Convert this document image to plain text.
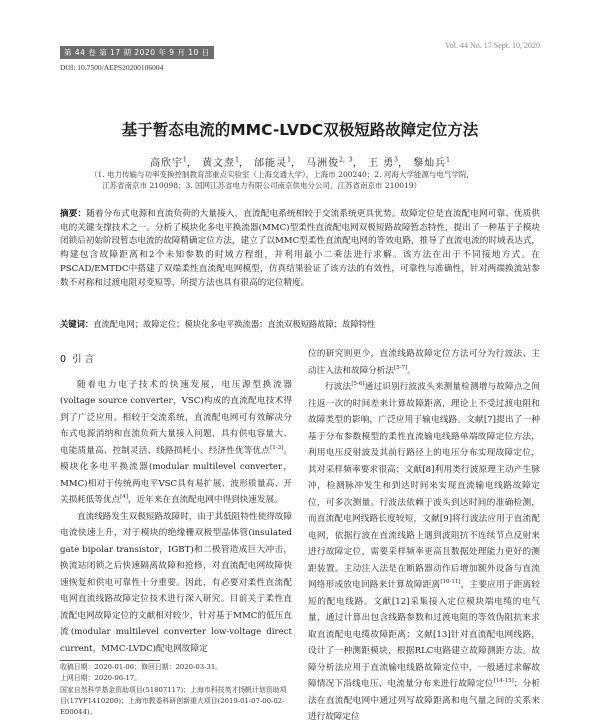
第 44 卷 第 17 期 2020 年 9 月 10 日
DOI: 10.7500/AEPS20200106004
Vol. 44 No. 17 Sept. 10, 2020
基于暂态电流的MMC-LVDC双极短路故障定位方法
高欣宇$^1$， 黄文焘$^1$， 邰能灵$^1$， 马洲俊$^{2,3}$， 王 勇$^3$， 黎灿兵$^1$
（1. 电力传输与功率变换控制教育部重点实验室（上海交通大学），上海市 200240；2. 河海大学能源与电气学院，
江苏省南京市 210098；3. 国网江苏省电力有限公司南京供电分公司，江苏省南京市 210019）
摘要：随着分布式电源和直流负荷的大量接入，直流配电系统相较于交流系统更具优势。故障定位是直流配电网可靠、优质供电的关键支撑技术之一。分析了模块化多电平换流器(MMC)型柔性直流配电网双极短路故障暂态特性，提出了一种基于子模块闭锁后初始阶段暂态电流的故障精确定位方法，建立了以MMC型柔性直流配电网的等效电路，推导了直流电流的时域表达式，构建包含故障距离和2个未知参数的时域方程组，并利用最小二乘法进行求解。该方法在出于不同接地方式。在PSCAD/EMTDC中搭建了双端柔性直流配电网模型，仿真结果验证了该方法的有效性，可靠性与准确性，针对两端换流站参数不对称和过渡电阻对变短等，所提方法也具有很高的定位精度。
关键词：直流配电网；故障定位；模块化多电平换流器；直流双极短路故障；故障特性
0 引 言

随着电力电子技术的快速发展，电压源型换流器(voltage source converter，VSC)构成的直流配电技术得到了广泛应用。相较于交流系统，直流配电网可有效解决分布式电源消纳和直流负荷大量接入问题，具有供电容量大、电能质量高、控制灵活、线路损耗小、经济性优等优点[1-3]。模块化多电平换流器(modular multilevel converter，MMC)相对于传统两电平VSC具有易扩展、波形质量高、开关损耗低等优点[4]，近年来在直流配电网中得到快速发展。

直流线路发生双极短路故障时，由于其低阻特性使得故障电流快速上升，对于模块的绝缘栅双极型晶体管(insulated gate bipolar transistor，IGBT)和二极管造成巨大冲击，换流站闭锁之后快速隔离故障和抢修，对直流配电网故障快速恢复和供电可靠性十分重要。因此，有必要对柔性直流配电网直流线路故障定位技术进行深入研究。目前关于柔性直流配电网故障定位的文献相对较少，针对基于MMC的低压直流(modular multilevel converter low-voltage direct current，MMC-LVDC)配电网故障定

位的研究则更少，直流线路故障定位方法可分为行波法、主动注入法和故障分析法[5-7]。

行波法[5-6]通过识别行波波头来测量检测增与故障点之间往返一次的时间差来计算故障距离，理论上不受过渡电阻和故障类型的影响，广泛应用于输电线路。文献[7]提出了一种基于分布参数模型的柔性直流输电线路单端故障定位方法，利用电压反射波及其前行路径上的电压分布实现故障定位，其对采样频率要求很高；文献[8]利用类行波原理主动产生脉冲，检测脉冲发生和到达时间来实现直流输电线路故障定位，可多次测量。行波法依赖于波头到达时间的准确检测，而直流配电网线路长度较短，文献[9]将行波法应用于直流配电网，依据行波在直流线路上遇到波阻抗不连续节点反射来进行故障定位，需要采样频率更高且数据处理能力更好的测距装置。主动注入法是在断路器动作后增加额外设备与直流网络形成放电回路来计算故障距离[10-11]，主要应用于距离较短的配电线路。文献[12]采集接入定位模块端电缆的电气量，通过计算出包含线路参数和过渡电阻的等效伪阻抗来求取直流配电电缆故障距离；文献[13]针对直流配电网线路，设计了一种测距模块，根据RLC电路建立故障测距方法。故障分析法应用于直流输电线路故障定位中，一般通过求解故障情况下沿线电压、电流量分布来进行故障定位[14-15]；分析法在直流配电网中通过列写故障距离和电气量之间的关系来进行故障定位

收稿日期：2020-01-06；修回日期：2020-03-31。
上网日期：2020-06-17。
国家自然科学基金资助项目(51807117)；上海市科技英才扬帆计划资助项目(17YF1410200)；上海市教委科研创新重大项目(2019-01-07-00-02-E00044)。
